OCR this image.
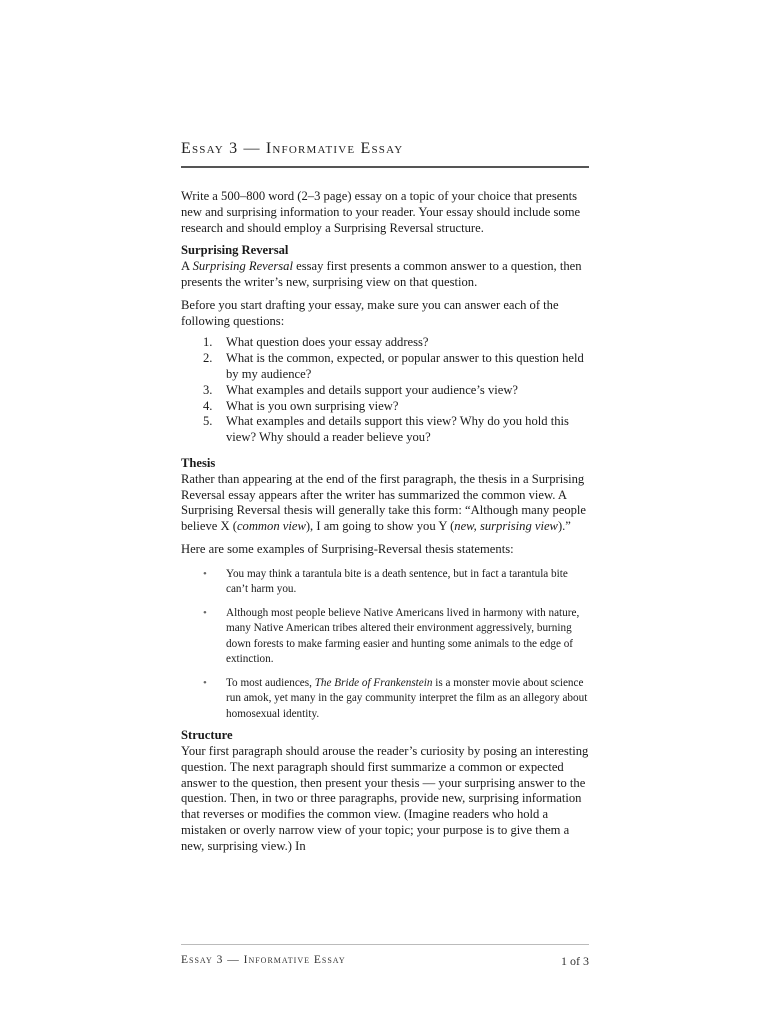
Essay 3 — Informative Essay

Write a 500–800 word (2–3 page) essay on a topic of your choice that presents new and surprising information to your reader. Your essay should include some research and should employ a Surprising Reversal structure.

Surprising Reversal

A Surprising Reversal essay first presents a common answer to a question, then presents the writer’s new, surprising view on that question.

Before you start drafting your essay, make sure you can answer each of the following questions:

1.	What question does your essay address?
2.	What is the common, expected, or popular answer to this question held by my audience?
3.	What examples and details support your audience’s view?
4.	What is you own surprising view?
5.	What examples and details support this view? Why do you hold this view? Why should a reader believe you?

Thesis

Rather than appearing at the end of the first paragraph, the thesis in a Surprising Reversal essay appears after the writer has summarized the common view. A Surprising Reversal thesis will generally take this form: “Although many people believe X (common view), I am going to show you Y (new, surprising view).”

Here are some examples of Surprising-Reversal thesis statements:

• You may think a tarantula bite is a death sentence, but in fact a tarantula bite can’t harm you.
• Although most people believe Native Americans lived in harmony with nature, many Native American tribes altered their environment aggressively, burning down forests to make farming easier and hunting some animals to the edge of extinction.
• To most audiences, The Bride of Frankenstein is a monster movie about science run amok, yet many in the gay community interpret the film as an allegory about homosexual identity.

Structure

Your first paragraph should arouse the reader’s curiosity by posing an interesting question. The next paragraph should first summarize a common or expected answer to the question, then present your thesis — your surprising answer to the question. Then, in two or three paragraphs, provide new, surprising information that reverses or modifies the common view. (Imagine readers who hold a mistaken or overly narrow view of your topic; your purpose is to give them a new, surprising view.) In

Essay 3 — Informative Essay	1 of 3
